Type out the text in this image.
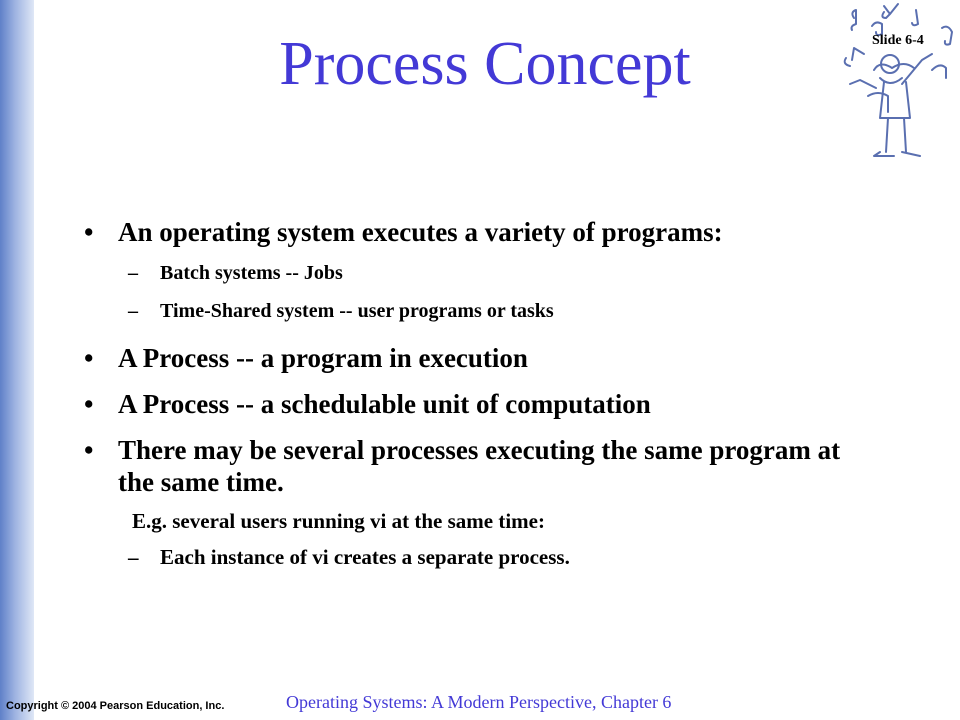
Process Concept	Slide 6-4
• An operating system executes a variety of programs:
– Batch systems -- Jobs
– Time-Shared system -- user programs or tasks
• A Process -- a program in execution
• A Process -- a schedulable unit of computation
• There may be several processes executing the same program at the same time.
E.g. several users running vi at the same time:
– Each instance of vi creates a separate process.
Copyright © 2004 Pearson Education, Inc.	Operating Systems: A Modern Perspective, Chapter 6
